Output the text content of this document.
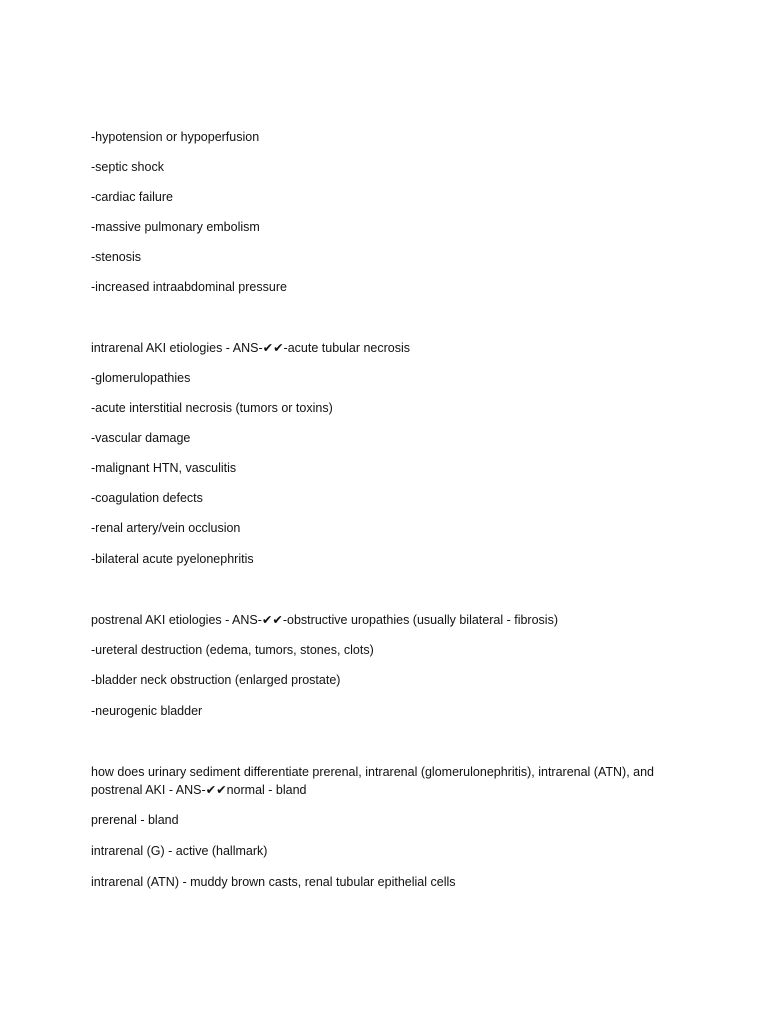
-hypotension or hypoperfusion
-septic shock
-cardiac failure
-massive pulmonary embolism
-stenosis
-increased intraabdominal pressure
intrarenal AKI etiologies - ANS-✔✔-acute tubular necrosis
-glomerulopathies
-acute interstitial necrosis (tumors or toxins)
-vascular damage
-malignant HTN, vasculitis
-coagulation defects
-renal artery/vein occlusion
-bilateral acute pyelonephritis
postrenal AKI etiologies - ANS-✔✔-obstructive uropathies (usually bilateral - fibrosis)
-ureteral destruction (edema, tumors, stones, clots)
-bladder neck obstruction (enlarged prostate)
-neurogenic bladder
how does urinary sediment differentiate prerenal, intrarenal (glomerulonephritis), intrarenal (ATN), and postrenal AKI - ANS-✔✔normal - bland
prerenal - bland
intrarenal (G) - active (hallmark)
intrarenal (ATN) - muddy brown casts, renal tubular epithelial cells
